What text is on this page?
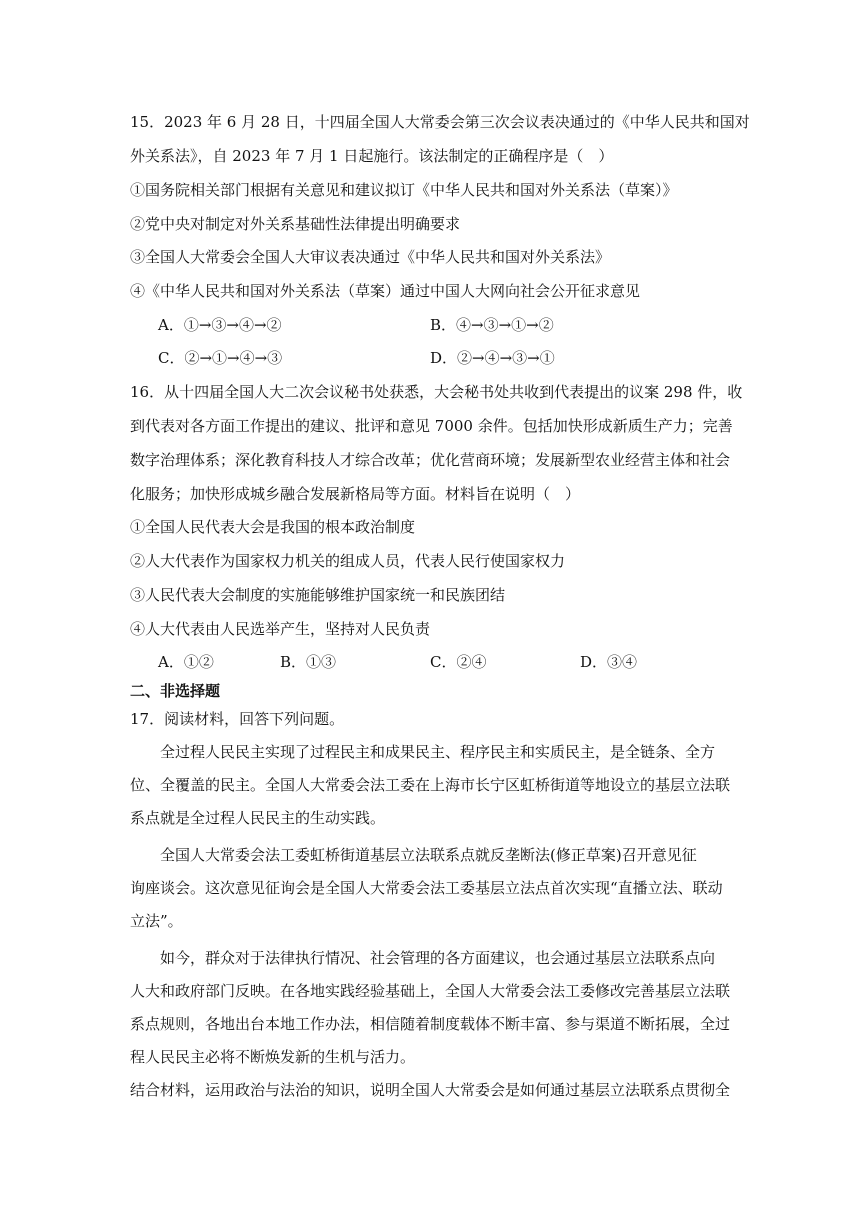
15．2023 年 6 月 28 日，十四届全国人大常委会第三次会议表决通过的《中华人民共和国对
外关系法》，自 2023 年 7 月 1 日起施行。该法制定的正确程序是（　）
①国务院相关部门根据有关意见和建议拟订《中华人民共和国对外关系法（草案）》
②党中央对制定对外关系基础性法律提出明确要求
③全国人大常委会全国人大审议表决通过《中华人民共和国对外关系法》
④《中华人民共和国对外关系法（草案）通过中国人大网向社会公开征求意见
A．①→③→④→②	B．④→③→①→②
C．②→①→④→③	D．②→④→③→①
16．从十四届全国人大二次会议秘书处获悉，大会秘书处共收到代表提出的议案 298 件，收
到代表对各方面工作提出的建议、批评和意见 7000 余件。包括加快形成新质生产力；完善
数字治理体系；深化教育科技人才综合改革；优化营商环境；发展新型农业经营主体和社会
化服务；加快形成城乡融合发展新格局等方面。材料旨在说明（　）
①全国人民代表大会是我国的根本政治制度
②人大代表作为国家权力机关的组成人员，代表人民行使国家权力
③人民代表大会制度的实施能够维护国家统一和民族团结
④人大代表由人民选举产生，坚持对人民负责
A．①②	B．①③	C．②④	D．③④
二、非选择题
17．阅读材料，回答下列问题。
全过程人民民主实现了过程民主和成果民主、程序民主和实质民主，是全链条、全方
位、全覆盖的民主。全国人大常委会法工委在上海市长宁区虹桥街道等地设立的基层立法联
系点就是全过程人民民主的生动实践。
全国人大常委会法工委虹桥街道基层立法联系点就反垄断法(修正草案)召开意见征
询座谈会。这次意见征询会是全国人大常委会法工委基层立法点首次实现“直播立法、联动
立法”。
如今，群众对于法律执行情况、社会管理的各方面建议，也会通过基层立法联系点向
人大和政府部门反映。在各地实践经验基础上，全国人大常委会法工委修改完善基层立法联
系点规则，各地出台本地工作办法，相信随着制度载体不断丰富、参与渠道不断拓展，全过
程人民民主必将不断焕发新的生机与活力。
结合材料，运用政治与法治的知识，说明全国人大常委会是如何通过基层立法联系点贯彻全
